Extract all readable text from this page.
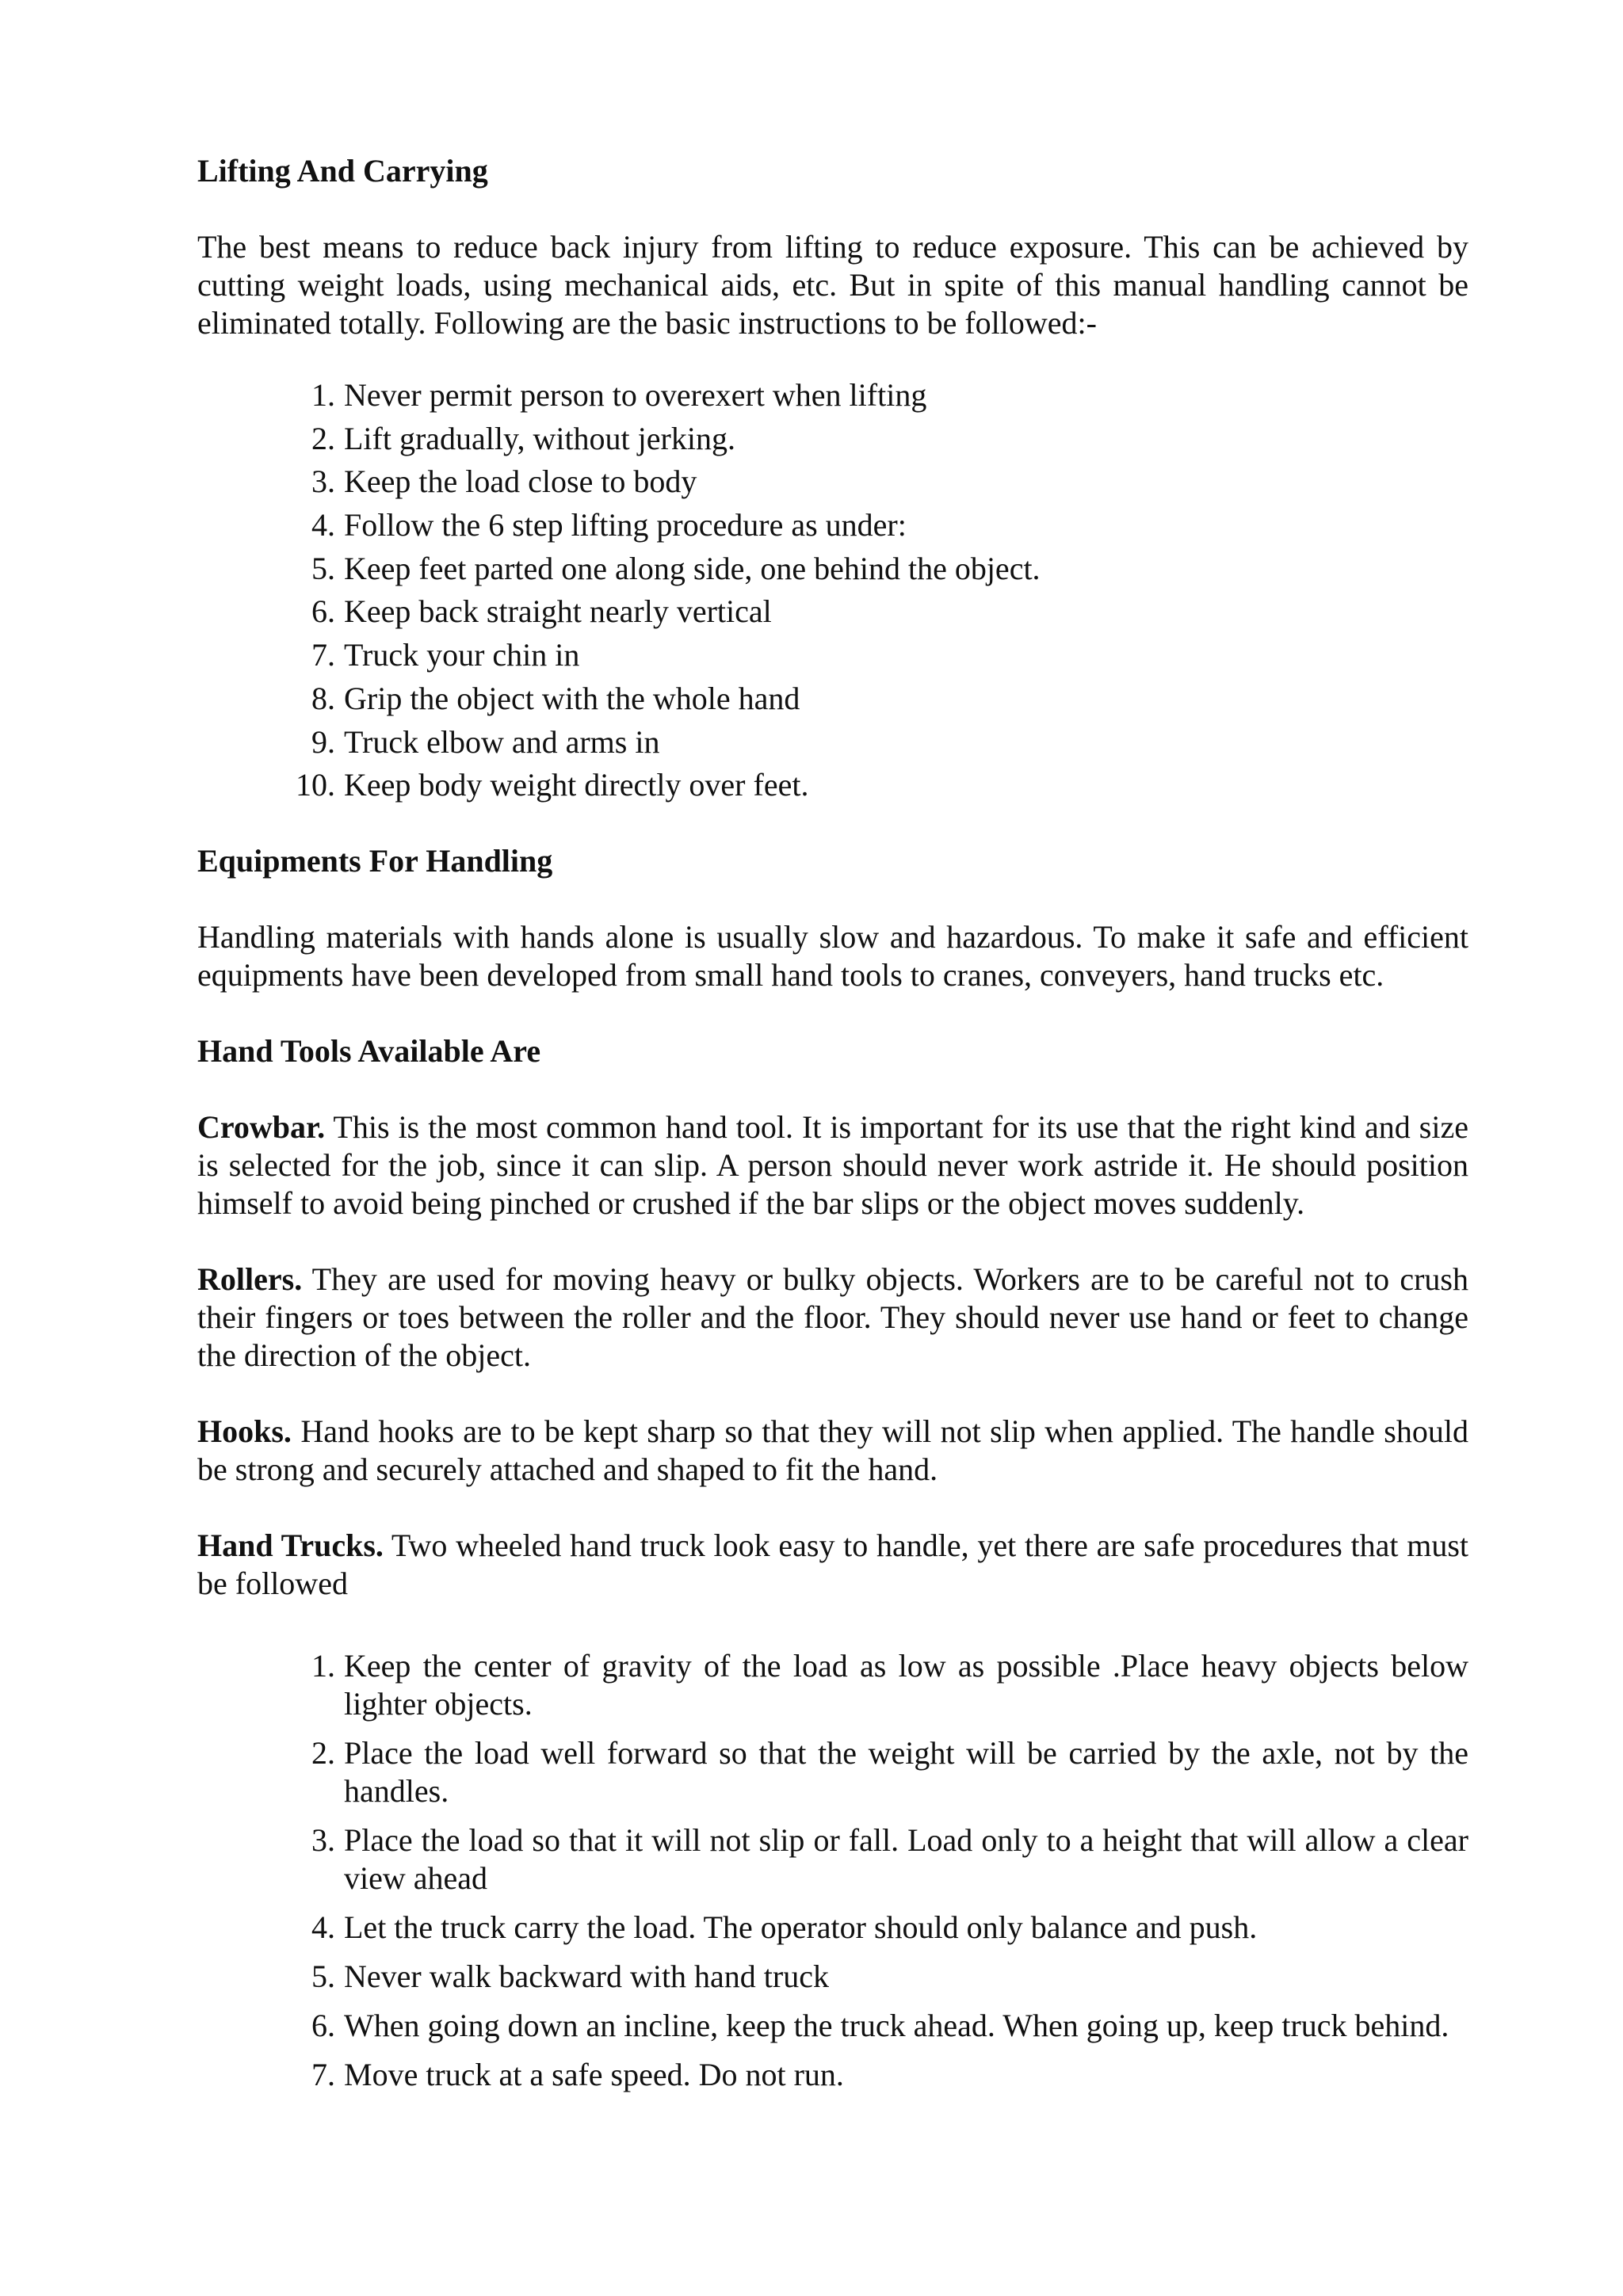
Lifting And Carrying

The best means to reduce back injury from lifting to reduce exposure. This can be achieved by cutting weight loads, using mechanical aids, etc. But in spite of this manual handling cannot be eliminated totally. Following are the basic instructions to be followed:-

1. Never permit person to overexert when lifting
2. Lift gradually, without jerking.
3. Keep the load close to body
4. Follow the 6 step lifting procedure as under:
5. Keep feet parted one along side, one behind the object.
6. Keep back straight nearly vertical
7. Truck your chin in
8. Grip the object with the whole hand
9. Truck elbow and arms in
10. Keep body weight directly over feet.
Equipments For Handling

Handling materials with hands alone is usually slow and hazardous. To make it safe and efficient equipments have been developed from small hand tools to cranes, conveyers, hand trucks etc.

Hand Tools Available Are

Crowbar. This is the most common hand tool. It is important for its use that the right kind and size is selected for the job, since it can slip. A person should never work astride it. He should position himself to avoid being pinched or crushed if the bar slips or the object moves suddenly.

Rollers. They are used for moving heavy or bulky objects. Workers are to be careful not to crush their fingers or toes between the roller and the floor. They should never use hand or feet to change the direction of the object.

Hooks. Hand hooks are to be kept sharp so that they will not slip when applied. The handle should be strong and securely attached and shaped to fit the hand.

Hand Trucks. Two wheeled hand truck look easy to handle, yet there are safe procedures that must be followed

1. Keep the center of gravity of the load as low as possible .Place heavy objects below lighter objects.
2. Place the load well forward so that the weight will be carried by the axle, not by the handles.
3. Place the load so that it will not slip or fall. Load only to a height that will allow a clear view ahead
4. Let the truck carry the load. The operator should only balance and push.
5. Never walk backward with hand truck
6. When going down an incline, keep the truck ahead. When going up, keep truck behind.
7. Move truck at a safe speed. Do not run.
